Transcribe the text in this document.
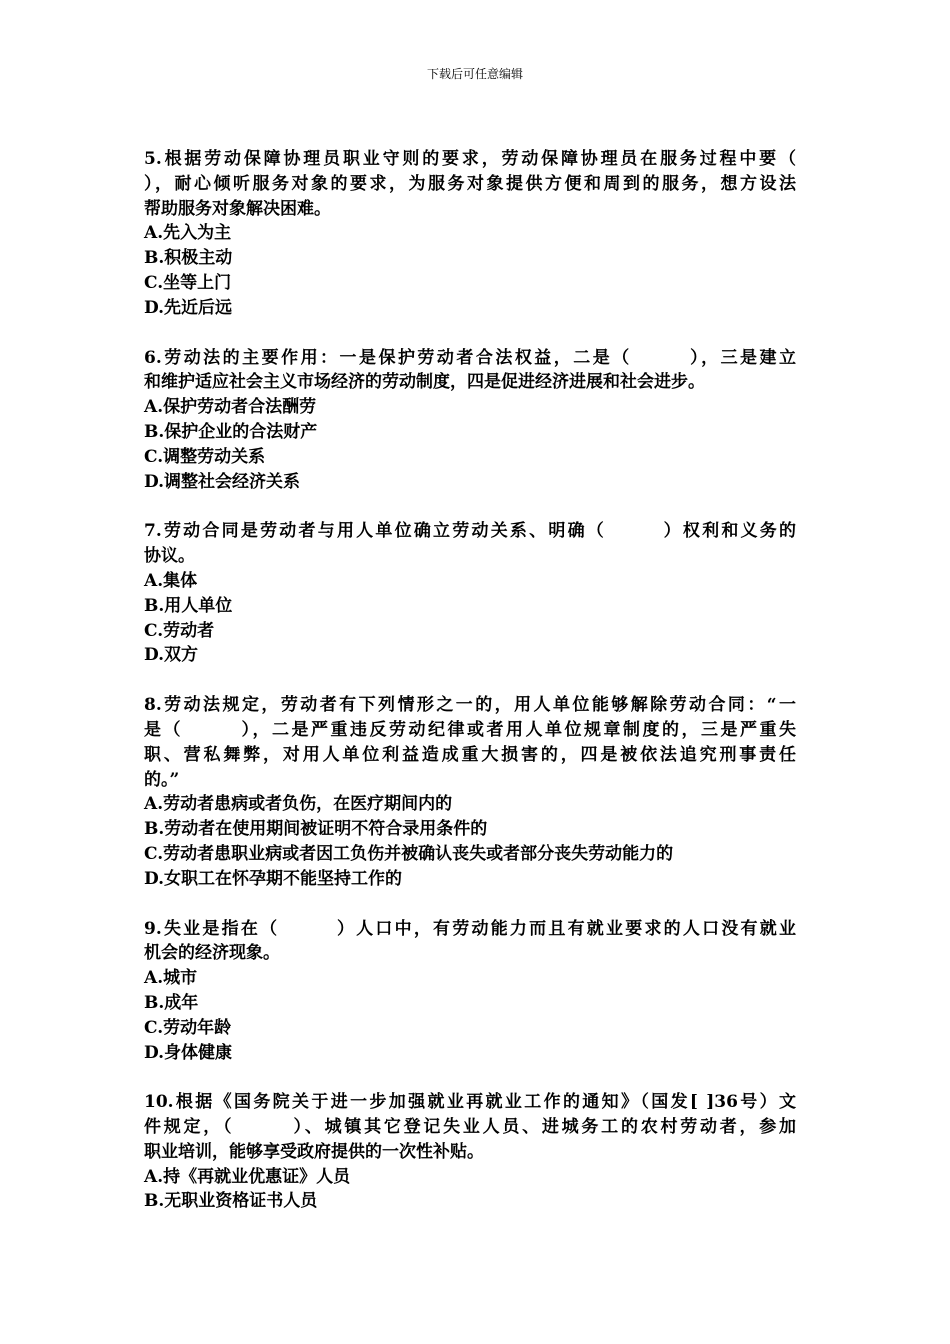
下载后可任意编辑
5.根据劳动保障协理员职业守则的要求，劳动保障协理员在服务过程中要（
），耐心倾听服务对象的要求，为服务对象提供方便和周到的服务，想方设法
帮助服务对象解决困难。
A.先入为主
B.积极主动
C.坐等上门
D.先近后远
6.劳动法的主要作用：一是保护劳动者合法权益，二是（　　　），三是建立
和维护适应社会主义市场经济的劳动制度，四是促进经济进展和社会进步。
A.保护劳动者合法酬劳
B.保护企业的合法财产
C.调整劳动关系
D.调整社会经济关系
7.劳动合同是劳动者与用人单位确立劳动关系、明确（　　　）权利和义务的
协议。
A.集体
B.用人单位
C.劳动者
D.双方
8.劳动法规定，劳动者有下列情形之一的，用人单位能够解除劳动合同：“一
是（　　　），二是严重违反劳动纪律或者用人单位规章制度的，三是严重失
职、营私舞弊，对用人单位利益造成重大损害的，四是被依法追究刑事责任
的。”
A.劳动者患病或者负伤，在医疗期间内的
B.劳动者在使用期间被证明不符合录用条件的
C.劳动者患职业病或者因工负伤并被确认丧失或者部分丧失劳动能力的
D.女职工在怀孕期不能坚持工作的
9.失业是指在（　　　）人口中，有劳动能力而且有就业要求的人口没有就业
机会的经济现象。
A.城市
B.成年
C.劳动年龄
D.身体健康
10.根据《国务院关于进一步加强就业再就业工作的通知》（国发[ ]36号）文
件规定，（　　　）、城镇其它登记失业人员、进城务工的农村劳动者，参加
职业培训，能够享受政府提供的一次性补贴。
A.持《再就业优惠证》人员
B.无职业资格证书人员
